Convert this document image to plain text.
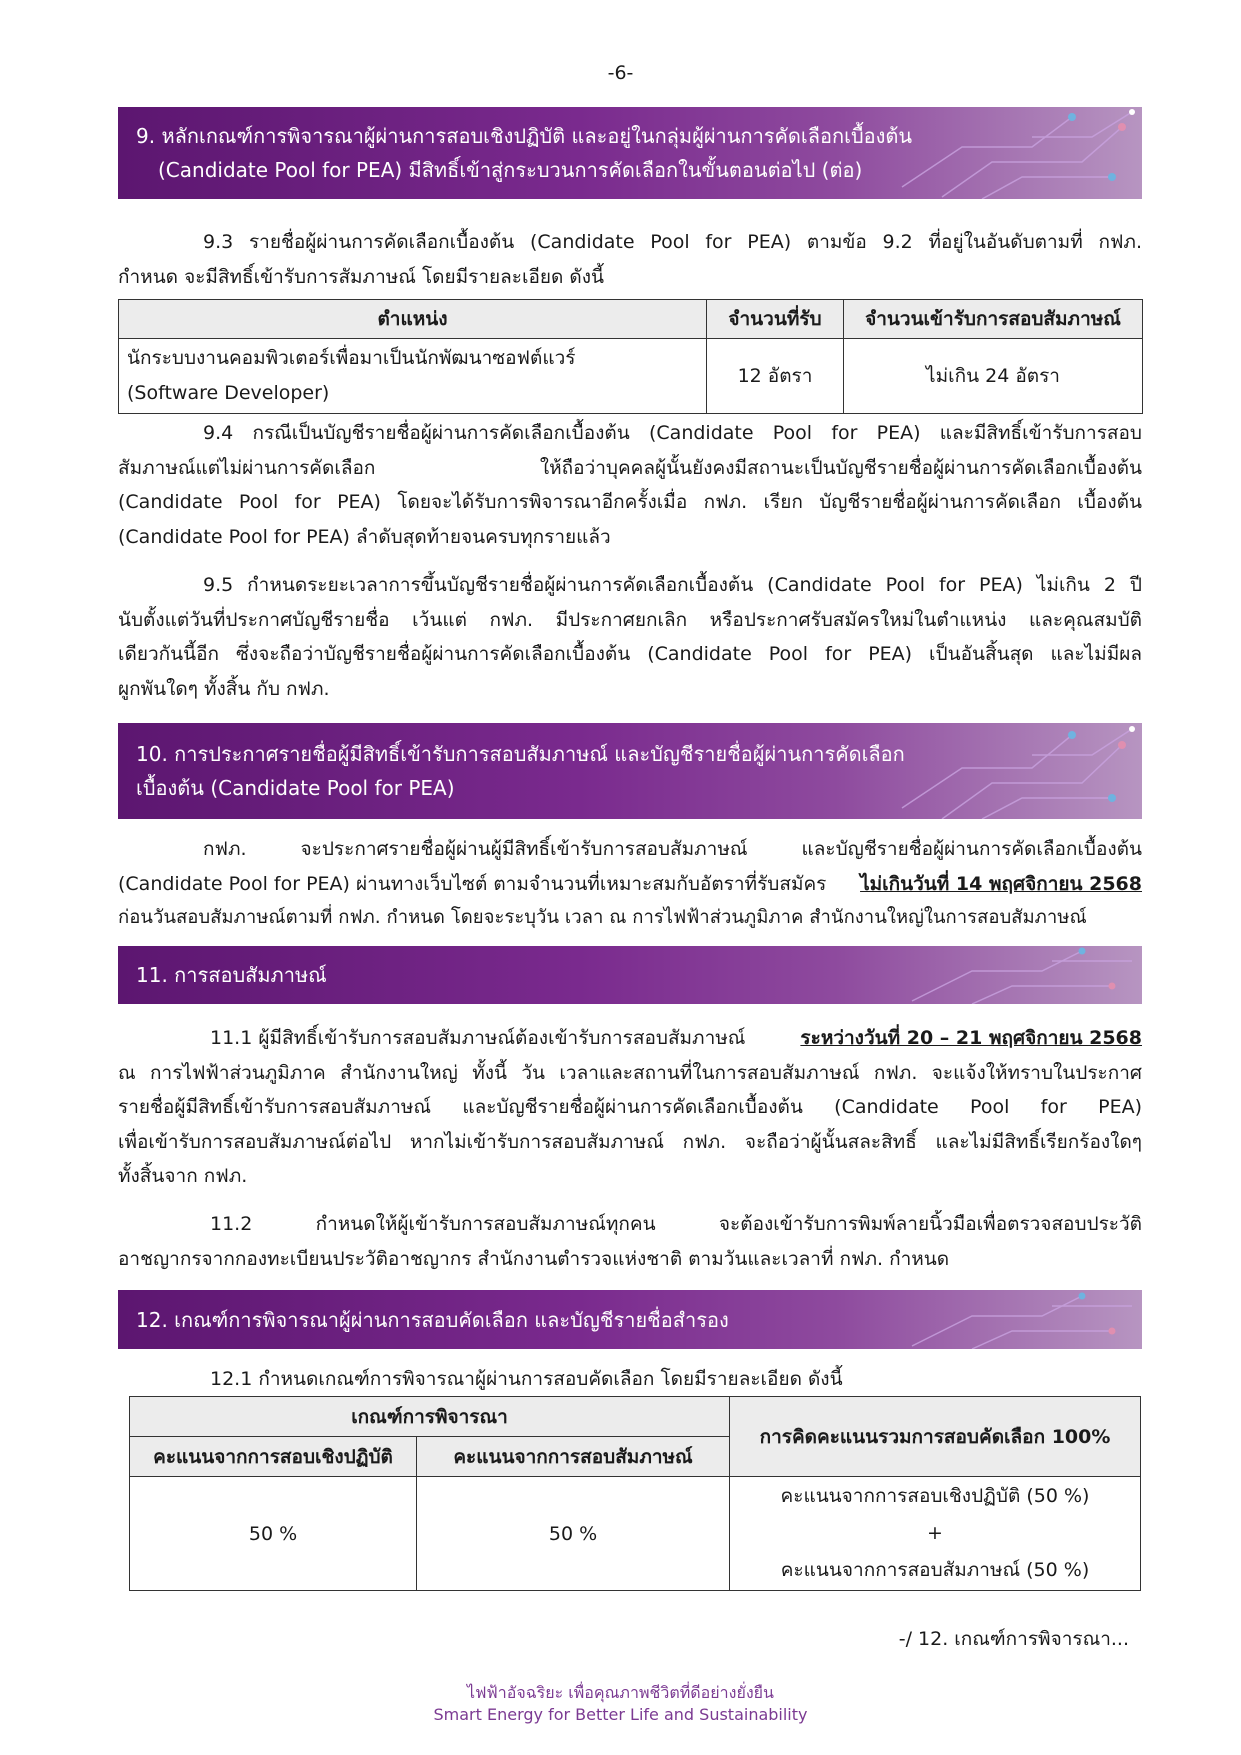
-6-
9. หลักเกณฑ์การพิจารณาผู้ผ่านการสอบเชิงปฏิบัติ และอยู่ในกลุ่มผู้ผ่านการคัดเลือกเบื้องต้น
(Candidate Pool for PEA) มีสิทธิ์เข้าสู่กระบวนการคัดเลือกในขั้นตอนต่อไป (ต่อ)
9.3 รายชื่อผู้ผ่านการคัดเลือกเบื้องต้น (Candidate Pool for PEA) ตามข้อ 9.2 ที่อยู่ในอันดับตามที่ กฟภ.
กำหนด จะมีสิทธิ์เข้ารับการสัมภาษณ์ โดยมีรายละเอียด ดังนี้
ตำแหน่ง	จำนวนที่รับ	จำนวนเข้ารับการสอบสัมภาษณ์

นักระบบงานคอมพิวเตอร์เพื่อมาเป็นนักพัฒนาซอฟต์แวร์
(Software Developer)	12 อัตรา	ไม่เกิน 24 อัตรา
9.4 กรณีเป็นบัญชีรายชื่อผู้ผ่านการคัดเลือกเบื้องต้น (Candidate Pool for PEA) และมีสิทธิ์เข้ารับการสอบ
สัมภาษณ์แต่ไม่ผ่านการคัดเลือก ให้ถือว่าบุคคลผู้นั้นยังคงมีสถานะเป็นบัญชีรายชื่อผู้ผ่านการคัดเลือกเบื้องต้น
(Candidate Pool for PEA) โดยจะได้รับการพิจารณาอีกครั้งเมื่อ กฟภ. เรียก บัญชีรายชื่อผู้ผ่านการคัดเลือก เบื้องต้น
(Candidate Pool for PEA) ลำดับสุดท้ายจนครบทุกรายแล้ว
9.5 กำหนดระยะเวลาการขึ้นบัญชีรายชื่อผู้ผ่านการคัดเลือกเบื้องต้น (Candidate Pool for PEA) ไม่เกิน 2 ปี
นับตั้งแต่วันที่ประกาศบัญชีรายชื่อ เว้นแต่ กฟภ. มีประกาศยกเลิก หรือประกาศรับสมัครใหม่ในตำแหน่ง และคุณสมบัติ
เดียวกันนี้อีก ซึ่งจะถือว่าบัญชีรายชื่อผู้ผ่านการคัดเลือกเบื้องต้น (Candidate Pool for PEA) เป็นอันสิ้นสุด และไม่มีผล
ผูกพันใดๆ ทั้งสิ้น กับ กฟภ.
10. การประกาศรายชื่อผู้มีสิทธิ์เข้ารับการสอบสัมภาษณ์ และบัญชีรายชื่อผู้ผ่านการคัดเลือก
เบื้องต้น (Candidate Pool for PEA)
กฟภ. จะประกาศรายชื่อผู้ผ่านผู้มีสิทธิ์เข้ารับการสอบสัมภาษณ์ และบัญชีรายชื่อผู้ผ่านการคัดเลือกเบื้องต้น
(Candidate Pool for PEA) ผ่านทางเว็บไซต์ ตามจำนวนที่เหมาะสมกับอัตราที่รับสมัคร ไม่เกินวันที่ 14 พฤศจิกายน 2568
ก่อนวันสอบสัมภาษณ์ตามที่ กฟภ. กำหนด โดยจะระบุวัน เวลา ณ การไฟฟ้าส่วนภูมิภาค สำนักงานใหญ่ในการสอบสัมภาษณ์
11. การสอบสัมภาษณ์
11.1 ผู้มีสิทธิ์เข้ารับการสอบสัมภาษณ์ต้องเข้ารับการสอบสัมภาษณ์	ระหว่างวันที่ 20 – 21 พฤศจิกายน 2568
ณ การไฟฟ้าส่วนภูมิภาค สำนักงานใหญ่ ทั้งนี้ วัน เวลาและสถานที่ในการสอบสัมภาษณ์ กฟภ. จะแจ้งให้ทราบในประกาศ
รายชื่อผู้มีสิทธิ์เข้ารับการสอบสัมภาษณ์ และบัญชีรายชื่อผู้ผ่านการคัดเลือกเบื้องต้น (Candidate Pool for PEA)
เพื่อเข้ารับการสอบสัมภาษณ์ต่อไป หากไม่เข้ารับการสอบสัมภาษณ์ กฟภ. จะถือว่าผู้นั้นสละสิทธิ์ และไม่มีสิทธิ์เรียกร้องใดๆ
ทั้งสิ้นจาก กฟภ.
11.2 กำหนดให้ผู้เข้ารับการสอบสัมภาษณ์ทุกคน จะต้องเข้ารับการพิมพ์ลายนิ้วมือเพื่อตรวจสอบประวัติ
อาชญากรจากกองทะเบียนประวัติอาชญากร สำนักงานตำรวจแห่งชาติ ตามวันและเวลาที่ กฟภ. กำหนด
12. เกณฑ์การพิจารณาผู้ผ่านการสอบคัดเลือก และบัญชีรายชื่อสำรอง
12.1 กำหนดเกณฑ์การพิจารณาผู้ผ่านการสอบคัดเลือก โดยมีรายละเอียด ดังนี้
เกณฑ์การพิจารณา		การคิดคะแนนรวมการสอบคัดเลือก 100%
คะแนนจากการสอบเชิงปฏิบัติ	คะแนนจากการสอบสัมภาษณ์	
50 %	50 %	คะแนนจากการสอบเชิงปฏิบัติ (50 %)
+
คะแนนจากการสอบสัมภาษณ์ (50 %)
-/ 12. เกณฑ์การพิจารณา...
ไฟฟ้าอัจฉริยะ เพื่อคุณภาพชีวิตที่ดีอย่างยั่งยืน
Smart Energy for Better Life and Sustainability
